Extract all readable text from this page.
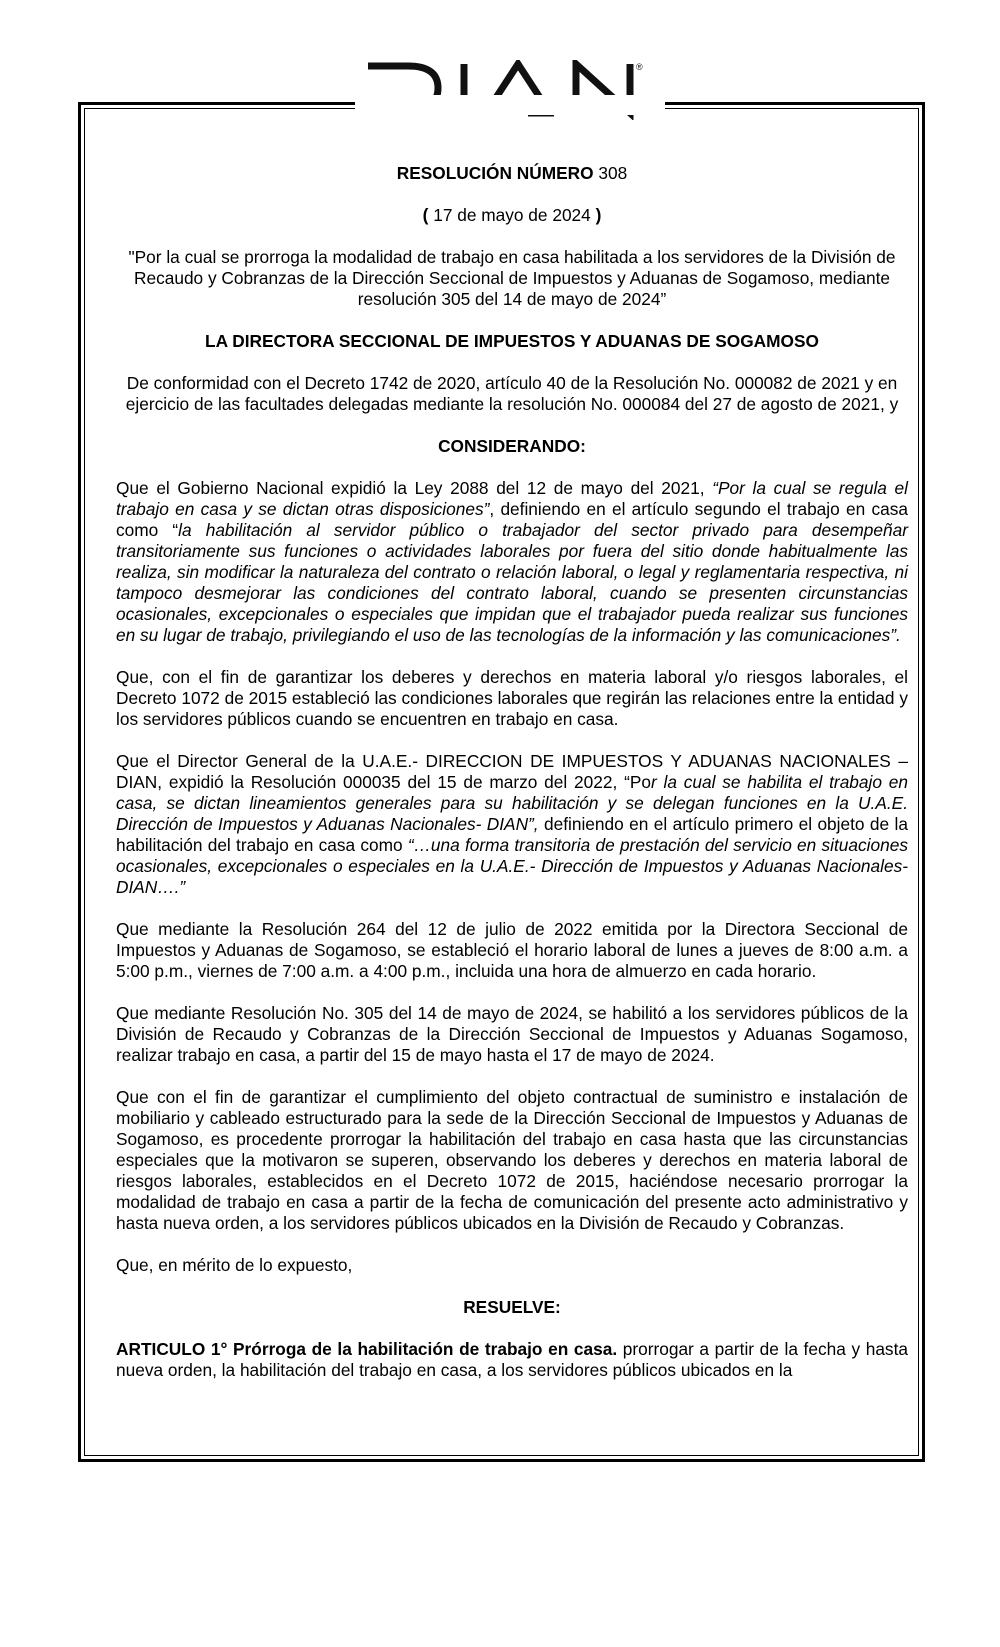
®

RESOLUCIÓN NÚMERO 308

( 17 de mayo de 2024 )

"Por la cual se prorroga la modalidad de trabajo en casa habilitada a los servidores de la División de Recaudo y Cobranzas de la Dirección Seccional de Impuestos y Aduanas de Sogamoso, mediante resolución 305 del 14 de mayo de 2024”

LA DIRECTORA SECCIONAL DE IMPUESTOS Y ADUANAS DE SOGAMOSO

De conformidad con el Decreto 1742 de 2020, artículo 40 de la Resolución No. 000082 de 2021 y en ejercicio de las facultades delegadas mediante la resolución No. 000084 del 27 de agosto de 2021, y

CONSIDERANDO:

Que el Gobierno Nacional expidió la Ley 2088 del 12 de mayo del 2021, “Por la cual se regula el trabajo en casa y se dictan otras disposiciones”, definiendo en el artículo segundo el trabajo en casa como “la habilitación al servidor público o trabajador del sector privado para desempeñar transitoriamente sus funciones o actividades laborales por fuera del sitio donde habitualmente las realiza, sin modificar la naturaleza del contrato o relación laboral, o legal y reglamentaria respectiva, ni tampoco desmejorar las condiciones del contrato laboral, cuando se presenten circunstancias ocasionales, excepcionales o especiales que impidan que el trabajador pueda realizar sus funciones en su lugar de trabajo, privilegiando el uso de las tecnologías de la información y las comunicaciones”.

Que, con el fin de garantizar los deberes y derechos en materia laboral y/o riesgos laborales, el Decreto 1072 de 2015 estableció las condiciones laborales que regirán las relaciones entre la entidad y los servidores públicos cuando se encuentren en trabajo en casa.

Que el Director General de la U.A.E.- DIRECCION DE IMPUESTOS Y ADUANAS NACIONALES – DIAN, expidió la Resolución 000035 del 15 de marzo del 2022, “Por la cual se habilita el trabajo en casa, se dictan lineamientos generales para su habilitación y se delegan funciones en la U.A.E. Dirección de Impuestos y Aduanas Nacionales- DIAN”, definiendo en el artículo primero el objeto de la habilitación del trabajo en casa como “…una forma transitoria de prestación del servicio en situaciones ocasionales, excepcionales o especiales en la U.A.E.- Dirección de Impuestos y Aduanas Nacionales- DIAN….”

Que mediante la Resolución 264 del 12 de julio de 2022 emitida por la Directora Seccional de Impuestos y Aduanas de Sogamoso, se estableció el horario laboral de lunes a jueves de 8:00 a.m. a 5:00 p.m., viernes de 7:00 a.m. a 4:00 p.m., incluida una hora de almuerzo en cada horario.

Que mediante Resolución No. 305 del 14 de mayo de 2024, se habilitó a los servidores públicos de la División de Recaudo y Cobranzas de la Dirección Seccional de Impuestos y Aduanas Sogamoso, realizar trabajo en casa, a partir del 15 de mayo hasta el 17 de mayo de 2024.

Que con el fin de garantizar el cumplimiento del objeto contractual de suministro e instalación de mobiliario y cableado estructurado para la sede de la Dirección Seccional de Impuestos y Aduanas de Sogamoso, es procedente prorrogar la habilitación del trabajo en casa hasta que las circunstancias especiales que la motivaron se superen, observando los deberes y derechos en materia laboral de riesgos laborales, establecidos en el Decreto 1072 de 2015, haciéndose necesario prorrogar la modalidad de trabajo en casa a partir de la fecha de comunicación del presente acto administrativo y hasta nueva orden, a los servidores públicos ubicados en la División de Recaudo y Cobranzas.

Que, en mérito de lo expuesto,

RESUELVE:

ARTICULO 1° Prórroga de la habilitación de trabajo en casa. prorrogar a partir de la fecha y hasta nueva orden, la habilitación del trabajo en casa, a los servidores públicos ubicados en la
